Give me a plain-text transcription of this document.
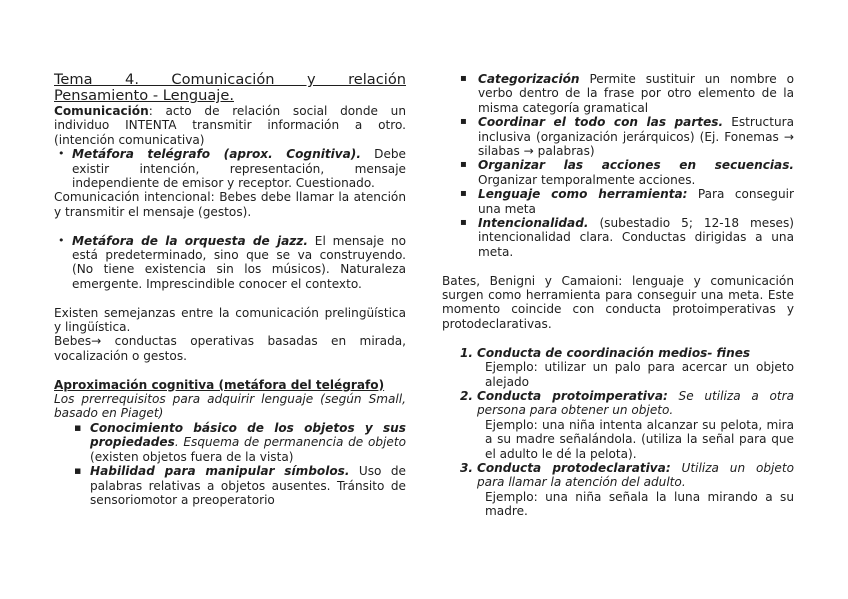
Tema 4. Comunicación y relación

Pensamiento - Lenguaje.

Comunicación: acto de relación social donde un individuo INTENTA transmitir información a otro. (intención comunicativa)

• Metáfora telégrafo (aprox. Cognitiva). Debe existir intención, representación, mensaje independiente de emisor y receptor. Cuestionado.

Comunicación intencional: Bebes debe llamar la atención y transmitir el mensaje (gestos).

• Metáfora de la orquesta de jazz. El mensaje no está predeterminado, sino que se va construyendo. (No tiene existencia sin los músicos). Naturaleza emergente. Imprescindible conocer el contexto.

Existen semejanzas entre la comunicación prelingüística y lingüística.

Bebes→ conductas operativas basadas en mirada, vocalización o gestos.

Aproximación cognitiva (metáfora del telégrafo)

Los prerrequisitos para adquirir lenguaje (según Small, basado en Piaget)

▪ Conocimiento básico de los objetos y sus propiedades. Esquema de permanencia de objeto (existen objetos fuera de la vista)
▪ Habilidad para manipular símbolos. Uso de palabras relativas a objetos ausentes. Tránsito de sensoriomotor a preoperatorio
▪ Categorización Permite sustituir un nombre o verbo dentro de la frase por otro elemento de la misma categoría gramatical
▪ Coordinar el todo con las partes. Estructura inclusiva (organización jerárquicos) (Ej. Fonemas → silabas → palabras)
▪ Organizar las acciones en secuencias. Organizar temporalmente acciones.
▪ Lenguaje como herramienta: Para conseguir una meta
▪ Intencionalidad. (subestadio 5; 12-18 meses) intencionalidad clara. Conductas dirigidas a una meta.

Bates, Benigni y Camaioni: lenguaje y comunicación surgen como herramienta para conseguir una meta. Este momento coincide con conducta protoimperativas y protodeclarativas.

1. Conducta de coordinación medios- fines

Ejemplo: utilizar un palo para acercar un objeto alejado

2. Conducta protoimperativa: Se utiliza a otra persona para obtener un objeto.

Ejemplo: una niña intenta alcanzar su pelota, mira a su madre señalándola. (utiliza la señal para que el adulto le dé la pelota).

3. Conducta protodeclarativa: Utiliza un objeto para llamar la atención del adulto.

Ejemplo: una niña señala la luna mirando a su madre.
